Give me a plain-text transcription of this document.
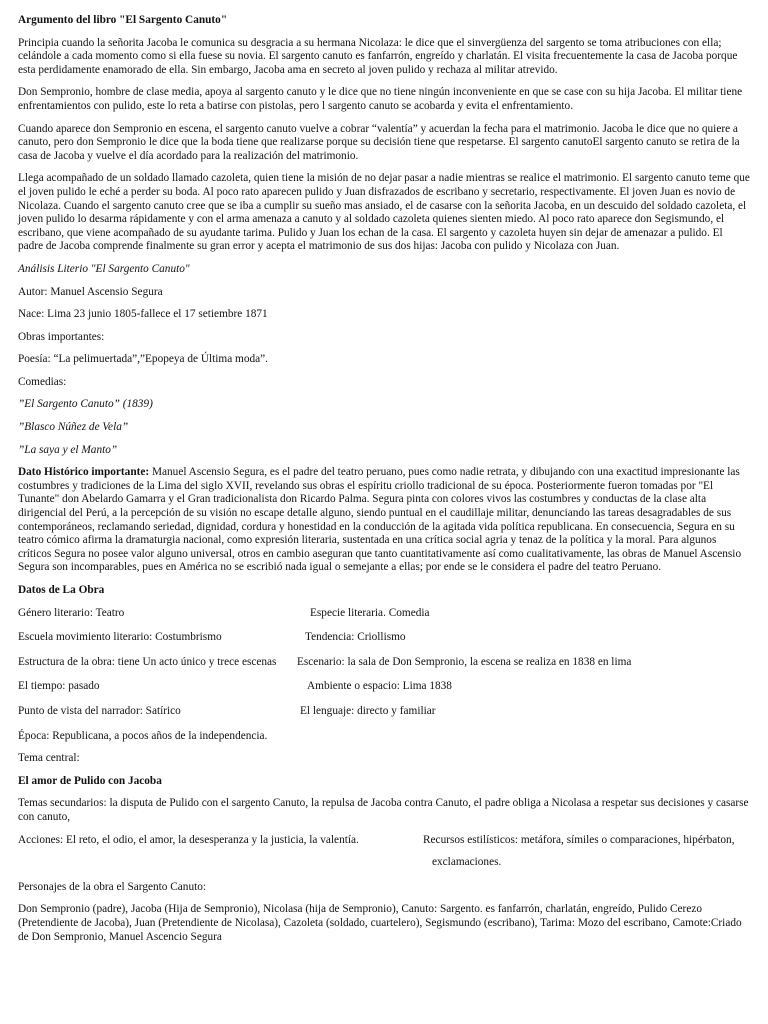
Argumento del libro "El Sargento Canuto"

Principia cuando la señorita Jacoba le comunica su desgracia a su hermana Nicolaza: le dice que el sinvergüenza del sargento se toma atribuciones con ella; celándole a cada momento como si ella fuese su novia. El sargento canuto es fanfarrón, engreído y charlatán. El visita frecuentemente la casa de Jacoba porque esta perdidamente enamorado de ella. Sin embargo, Jacoba ama en secreto al joven pulido y rechaza al militar atrevido.

Don Sempronio, hombre de clase media, apoya al sargento canuto y le dice que no tiene ningún inconveniente en que se case con su hija Jacoba. El militar tiene enfrentamientos con pulido, este lo reta a batirse con pistolas, pero l sargento canuto se acobarda y evita el enfrentamiento.

Cuando aparece don Sempronio en escena, el sargento canuto vuelve a cobrar “valentía” y acuerdan la fecha para el matrimonio. Jacoba le dice que no quiere a canuto, pero don Sempronio le dice que la boda tiene que realizarse porque su decisión tiene que respetarse. El sargento canutoEl sargento canuto se retira de la casa de Jacoba y vuelve el día acordado para la realización del matrimonio.

Llega acompañado de un soldado llamado cazoleta, quien tiene la misión de no dejar pasar a nadie mientras se realice el matrimonio. El sargento canuto teme que el joven pulido le eché a perder su boda. Al poco rato aparecen pulido y Juan disfrazados de escribano y secretario, respectivamente. El joven Juan es novio de Nicolaza. Cuando el sargento canuto cree que se iba a cumplir su sueño mas ansiado, el de casarse con la señorita Jacoba, en un descuido del soldado cazoleta, el joven pulido lo desarma rápidamente y con el arma amenaza a canuto y al soldado cazoleta quienes sienten miedo. Al poco rato aparece don Segismundo, el escribano, que viene acompañado de su ayudante tarima. Pulido y Juan los echan de la casa. El sargento y cazoleta huyen sin dejar de amenazar a pulido. El padre de Jacoba comprende finalmente su gran error y acepta el matrimonio de sus dos hijas: Jacoba con pulido y Nicolaza con Juan.

Análisis Literio "El Sargento Canuto"

Autor: Manuel Ascensio Segura

Nace: Lima 23 junio 1805-fallece el 17 setiembre 1871

Obras importantes:

Poesía: “La pelimuertada”,”Epopeya de Última moda”.

Comedias:

”El Sargento Canuto” (1839)

”Blasco Núñez de Vela”

”La saya y el Manto”

Dato Histórico importante: Manuel Ascensio Segura, es el padre del teatro peruano, pues como nadie retrata, y dibujando con una exactitud impresionante las costumbres y tradiciones de la Lima del siglo XVII, revelando sus obras el espíritu criollo tradicional de su época. Posteriormente fueron tomadas por "El Tunante" don Abelardo Gamarra y el Gran tradicionalista don Ricardo Palma. Segura pinta con colores vivos las costumbres y conductas de la clase alta dirigencial del Perú, a la percepción de su visión no escape detalle alguno, siendo puntual en el caudillaje militar, denunciando las tareas desagradables de sus contemporáneos, reclamando seriedad, dignidad, cordura y honestidad en la conducción de la agitada vida política republicana. En consecuencia, Segura en su teatro cómico afirma la dramaturgia nacional, como expresión literaria, sustentada en una crítica social agria y tenaz de la política y la moral. Para algunos críticos Segura no posee valor alguno universal, otros en cambio aseguran que tanto cuantitativamente así como cualitativamente, las obras de Manuel Ascensio Segura son incomparables, pues en América no se escribió nada igual o semejante a ellas; por ende se le considera el padre del teatro Peruano.

Datos de La Obra

Género literario: Teatro	Especie literaria. Comedia
Escuela movimiento literario: Costumbrismo	Tendencia: Criollismo
Estructura de la obra: tiene Un acto único y trece escenas Escenario: la sala de Don Sempronio, la escena se realiza en 1838 en lima
El tiempo: pasado	Ambiente o espacio: Lima 1838
Punto de vista del narrador: Satírico	El lenguaje: directo y familiar

Época: Republicana, a pocos años de la independencia.

Tema central:

El amor de Pulido con Jacoba

Temas secundarios: la disputa de Pulido con el sargento Canuto, la repulsa de Jacoba contra Canuto, el padre obliga a Nicolasa a respetar sus decisiones y casarse con canuto,

Acciones: El reto, el odio, el amor, la desesperanza y la justicia, la valentía.	Recursos estilísticos: metáfora, símiles o comparaciones, hipérbaton,
exclamaciones.

Personajes de la obra el Sargento Canuto:

Don Sempronio (padre), Jacoba (Hija de Sempronio), Nicolasa (hija de Sempronio), Canuto: Sargento. es fanfarrón, charlatán, engreído, Pulido Cerezo (Pretendiente de Jacoba), Juan (Pretendiente de Nicolasa), Cazoleta (soldado, cuartelero), Segismundo (escribano), Tarima: Mozo del escribano, Camote:Criado de Don Sempronio, Manuel Ascencio Segura
